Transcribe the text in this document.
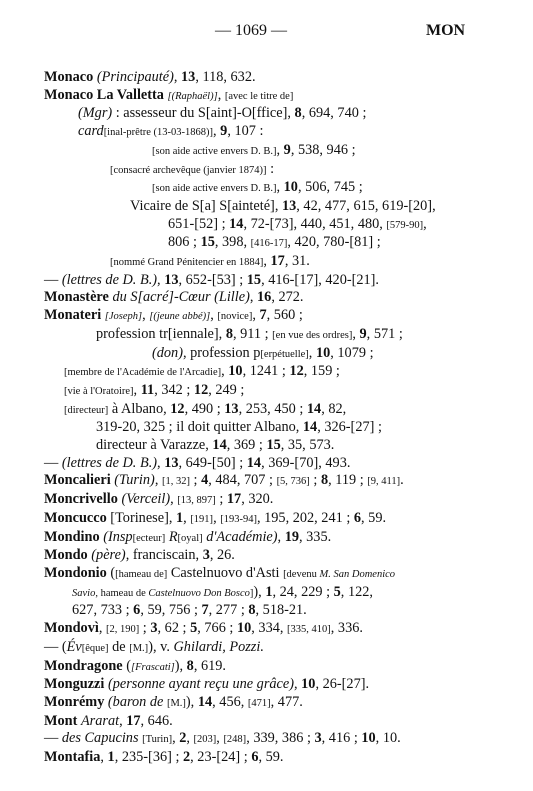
— 1069 —	MON
Monaco (Principauté), 13, 118, 632.
Monaco La Valletta [(Raphaël)], [avec le titre de]
(Mgr) : assesseur du S[aint]-O[ffice], 8, 694, 740 ;
card[inal-prêtre (13-03-1868)], 9, 107 :
[son aide active envers D. B.], 9, 538, 946 ;
[consacré archevêque (janvier 1874)] :
[son aide active envers D. B.], 10, 506, 745 ;
Vicaire de S[a] S[ainteté], 13, 42, 477, 615, 619-[20],
651-[52] ; 14, 72-[73], 440, 451, 480, [579-90],
806 ; 15, 398, [416-17], 420, 780-[81] ;
[nommé Grand Pénitencier en 1884], 17, 31.
— (lettres de D. B.), 13, 652-[53] ; 15, 416-[17], 420-[21].
Monastère du S[acré]-Cœur (Lille), 16, 272.
Monateri [Joseph], [(jeune abbé)], [novice], 7, 560 ;
profession tr[iennale], 8, 911 ; [en vue des ordres], 9, 571 ;
(don), profession p[erpétuelle], 10, 1079 ;
[membre de l'Académie de l'Arcadie], 10, 1241 ; 12, 159 ;
[vie à l'Oratoire], 11, 342 ; 12, 249 ;
[directeur] à Albano, 12, 490 ; 13, 253, 450 ; 14, 82,
319-20, 325 ; il doit quitter Albano, 14, 326-[27] ;
directeur à Varazze, 14, 369 ; 15, 35, 573.
— (lettres de D. B.), 13, 649-[50] ; 14, 369-[70], 493.
Moncalieri (Turin), [1, 32] ; 4, 484, 707 ; [5, 736] ; 8, 119 ; [9, 411].
Moncrivello (Verceil), [13, 897] ; 17, 320.
Moncucco [Torinese], 1, [191], [193-94], 195, 202, 241 ; 6, 59.
Mondino (Insp[ecteur] R[oyal] d'Académie), 19, 335.
Mondo (père), franciscain, 3, 26.
Mondonio ([hameau de] Castelnuovo d'Asti [devenu M. San Domenico
Savio, hameau de Castelnuovo Don Bosco]), 1, 24, 229 ; 5, 122,
627, 733 ; 6, 59, 756 ; 7, 277 ; 8, 518-21.
Mondovì, [2, 190] ; 3, 62 ; 5, 766 ; 10, 334, [335, 410], 336.
— (Év[êque] de [M.]), v. Ghilardi, Pozzi.
Mondragone ([Frascati]), 8, 619.
Monguzzi (personne ayant reçu une grâce), 10, 26-[27].
Monrémy (baron de [M.]), 14, 456, [471], 477.
Mont Ararat, 17, 646.
— des Capucins [Turin], 2, [203], [248], 339, 386 ; 3, 416 ; 10, 10.
Montafia, 1, 235-[36] ; 2, 23-[24] ; 6, 59.
